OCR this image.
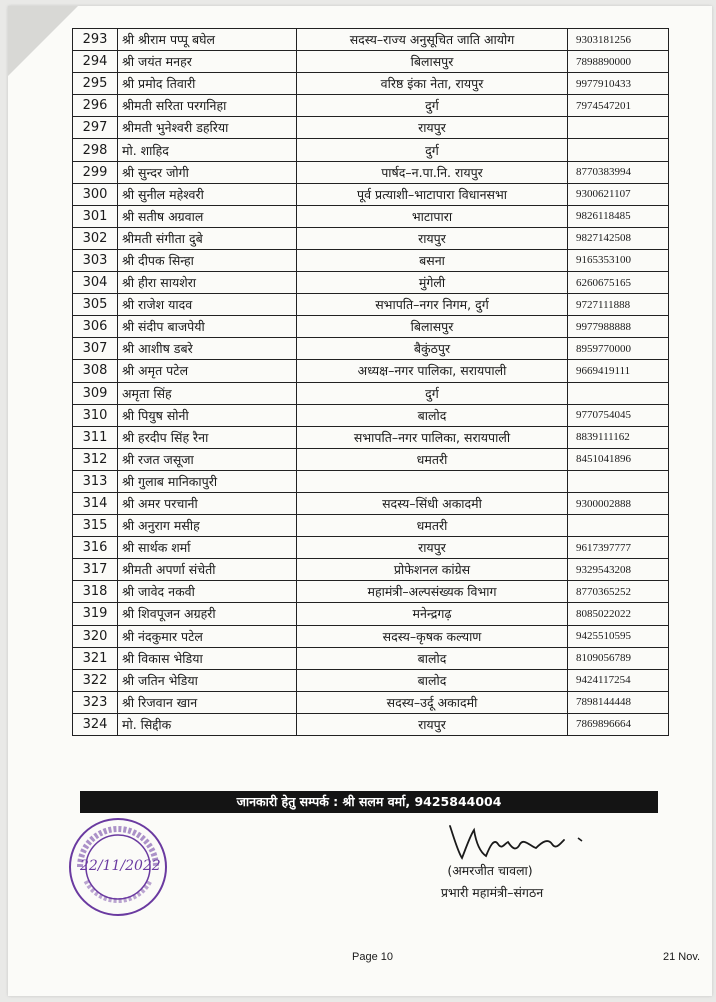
293	श्री श्रीराम पप्पू बघेल	सदस्य–राज्य अनुसूचित जाति आयोग	9303181256
294	श्री जयंत मनहर	बिलासपुर	7898890000
295	श्री प्रमोद तिवारी	वरिष्ठ इंका नेता, रायपुर	9977910433
296	श्रीमती सरिता परगनिहा	दुर्ग	7974547201
297	श्रीमती भुनेश्वरी डहरिया	रायपुर	
298	मो. शाहिद	दुर्ग	
299	श्री सुन्दर जोगी	पार्षद–न.पा.नि. रायपुर	8770383994
300	श्री सुनील महेश्वरी	पूर्व प्रत्याशी–भाटापारा विधानसभा	9300621107
301	श्री सतीष अग्रवाल	भाटापारा	9826118485
302	श्रीमती संगीता दुबे	रायपुर	9827142508
303	श्री दीपक सिन्हा	बसना	9165353100
304	श्री हीरा सायशेरा	मुंगेली	6260675165
305	श्री राजेश यादव	सभापति–नगर निगम, दुर्ग	9727111888
306	श्री संदीप बाजपेयी	बिलासपुर	9977988888
307	श्री आशीष डबरे	बैकुंठपुर	8959770000
308	श्री अमृत पटेल	अध्यक्ष–नगर पालिका, सरायपाली	9669419111
309	अमृता सिंह	दुर्ग	
310	श्री पियुष सोनी	बालोद	9770754045
311	श्री हरदीप सिंह रैना	सभापति–नगर पालिका, सरायपाली	8839111162
312	श्री रजत जसूजा	धमतरी	8451041896
313	श्री गुलाब मानिकापुरी		
314	श्री अमर परचानी	सदस्य–सिंधी अकादमी	9300002888
315	श्री अनुराग मसीह	धमतरी	
316	श्री सार्थक शर्मा	रायपुर	9617397777
317	श्रीमती अपर्णा संचेती	प्रोफेशनल कांग्रेस	9329543208
318	श्री जावेद नकवी	महामंत्री–अल्पसंख्यक विभाग	8770365252
319	श्री शिवपूजन अग्रहरी	मनेन्द्रगढ़	8085022022
320	श्री नंदकुमार पटेल	सदस्य–कृषक कल्याण	9425510595
321	श्री विकास भेडिया	बालोद	8109056789
322	श्री जतिन भेडिया	बालोद	9424117254
323	श्री रिजवान खान	सदस्य–उर्दू अकादमी	7898144448
324	मो. सिद्दीक	रायपुर	7869896664
जानकारी हेतु सम्पर्क : श्री सलम वर्मा, 9425844004
22/11/2022	(अमरजीत चावला)
प्रभारी महामंत्री–संगठन
Page 10	21 Nov.
